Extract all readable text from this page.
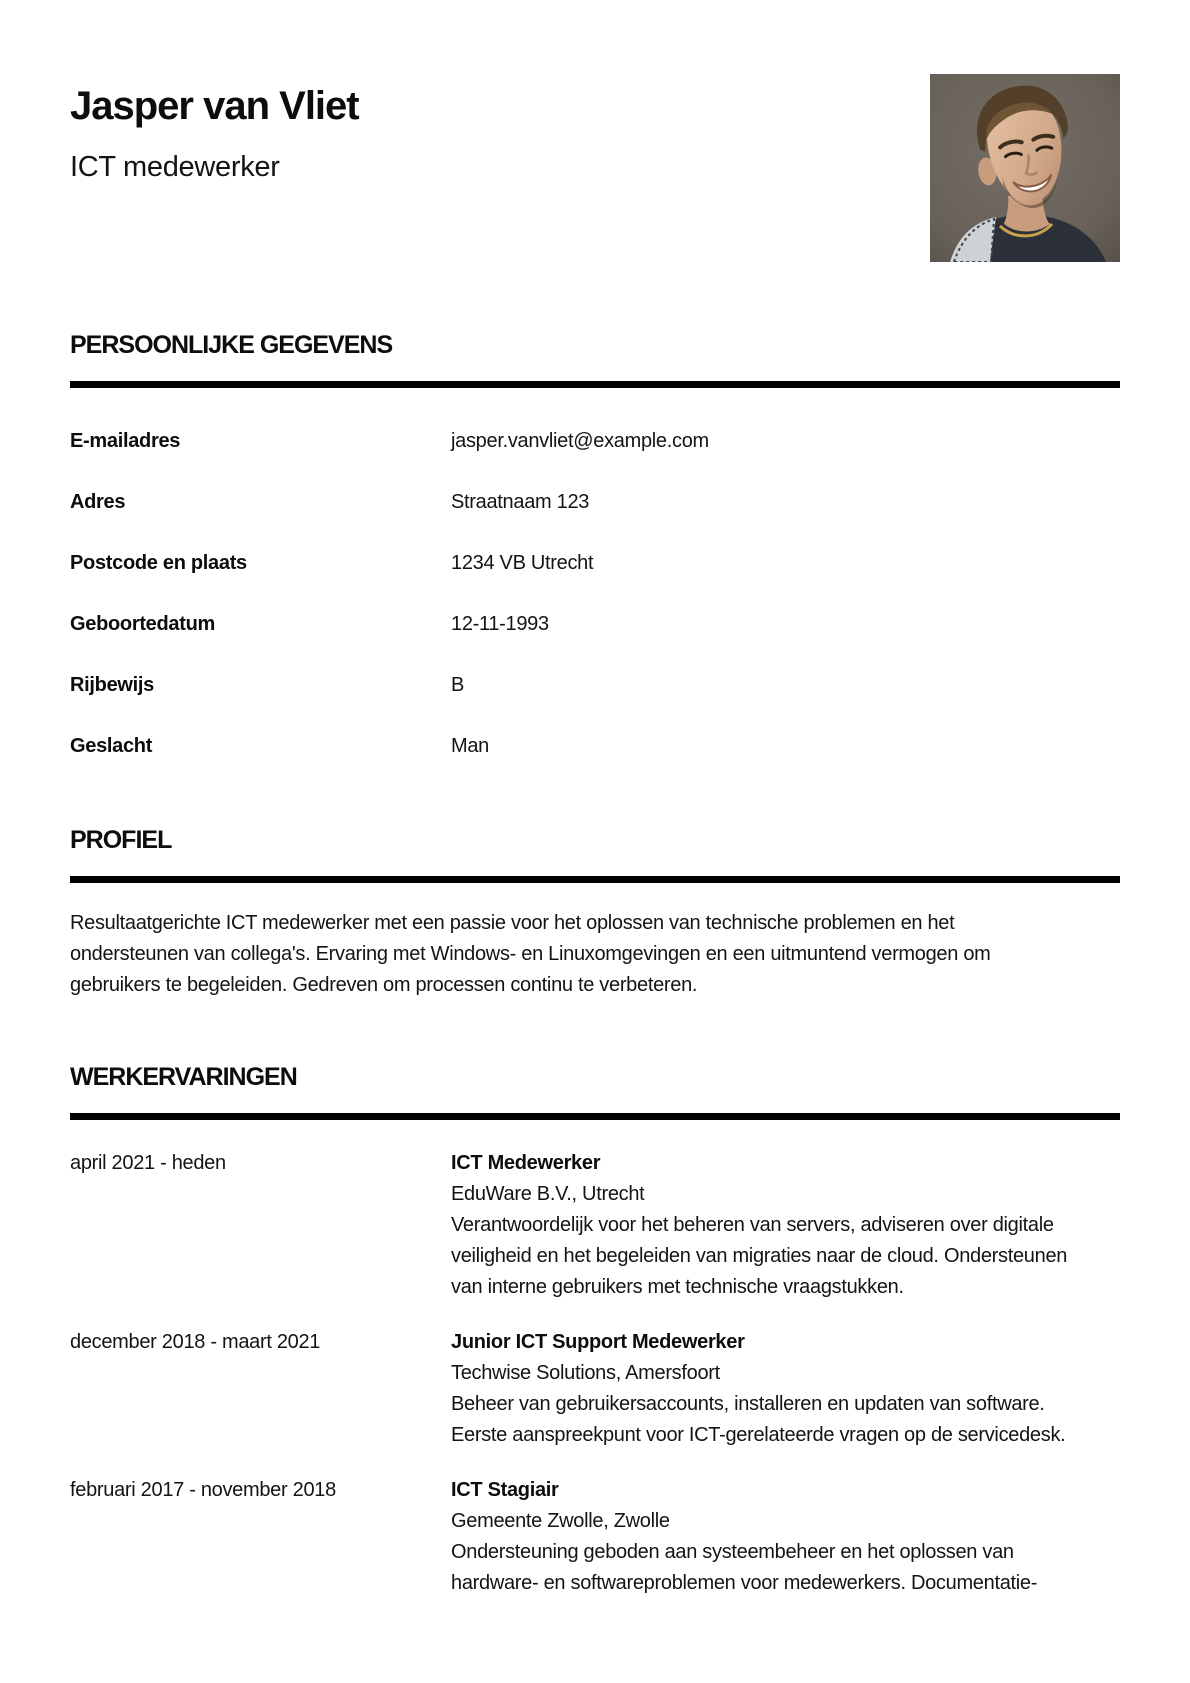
Jasper van Vliet
ICT medewerker
PERSOONLIJKE GEGEVENS
E-mailadres	jasper.vanvliet@example.com
Adres	Straatnaam 123
Postcode en plaats	1234 VB Utrecht
Geboortedatum	12-11-1993
Rijbewijs	B
Geslacht	Man
PROFIEL
Resultaatgerichte ICT medewerker met een passie voor het oplossen van technische problemen en het
ondersteunen van collega's. Ervaring met Windows- en Linuxomgevingen en een uitmuntend vermogen om
gebruikers te begeleiden. Gedreven om processen continu te verbeteren.
WERKERVARINGEN
april 2021 - heden	ICT Medewerker
EduWare B.V., Utrecht
Verantwoordelijk voor het beheren van servers, adviseren over digitale
veiligheid en het begeleiden van migraties naar de cloud. Ondersteunen
van interne gebruikers met technische vraagstukken.
december 2018 - maart 2021	Junior ICT Support Medewerker
Techwise Solutions, Amersfoort
Beheer van gebruikersaccounts, installeren en updaten van software.
Eerste aanspreekpunt voor ICT-gerelateerde vragen op de servicedesk.
februari 2017 - november 2018	ICT Stagiair
Gemeente Zwolle, Zwolle
Ondersteuning geboden aan systeembeheer en het oplossen van
hardware- en softwareproblemen voor medewerkers. Documentatie-
